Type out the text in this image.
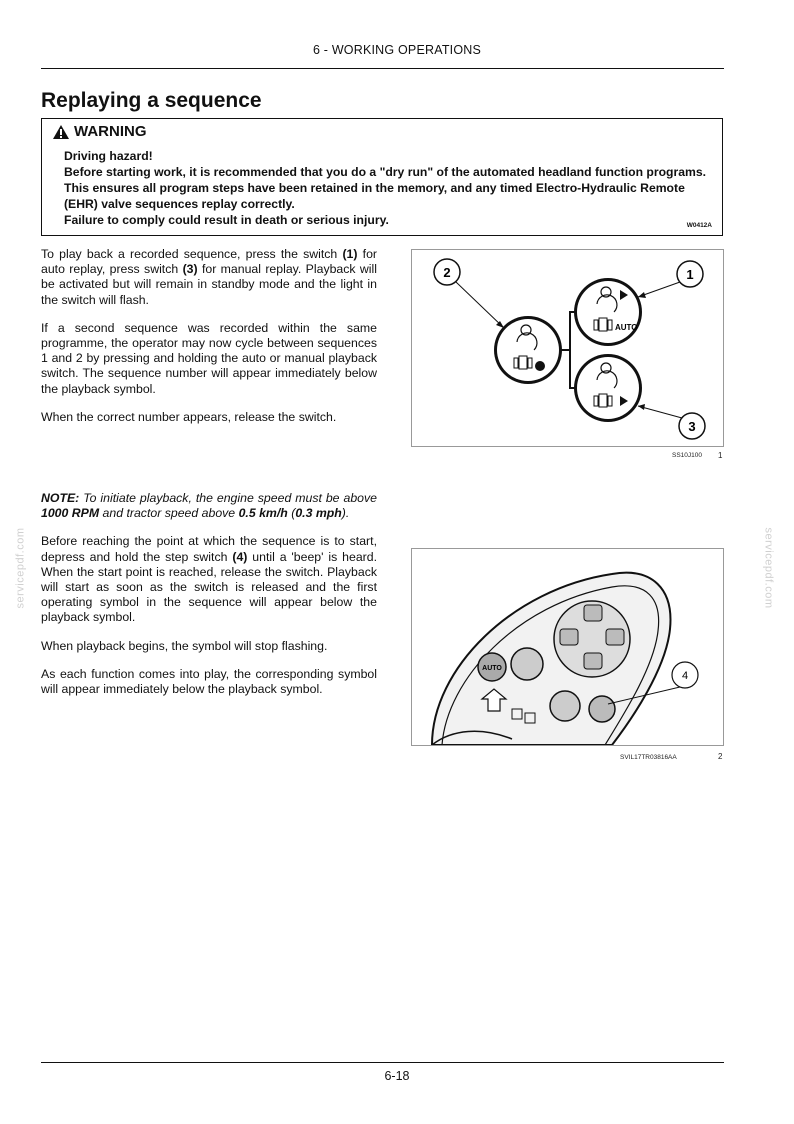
6 - WORKING OPERATIONS
Replaying a sequence
WARNING
Driving hazard!
Before starting work, it is recommended that you do a "dry run" of the automated headland function programs. This ensures all program steps have been retained in the memory, and any timed Electro-Hydraulic Remote (EHR) valve sequences replay correctly.
Failure to comply could result in death or serious injury.	W0412A

To play back a recorded sequence, press the switch (1) for auto replay, press switch (3) for manual replay. Playback will be activated but will remain in standby mode and the light in the switch will flash.

If a second sequence was recorded within the same programme, the operator may now cycle between sequences 1 and 2 by pressing and holding the auto or manual playback switch. The sequence number will appear immediately below the playback symbol.

When the correct number appears, release the switch.

NOTE: To initiate playback, the engine speed must be above 1000 RPM and tractor speed above 0.5 km/h (0.3 mph).

Before reaching the point at which the sequence is to start, depress and hold the step switch (4) until a 'beep' is heard. When the start point is reached, release the switch. Playback will start as soon as the switch is released and the first operating symbol in the sequence will appear below the playback symbol.

When playback begins, the symbol will stop flashing.

As each function comes into play, the corresponding symbol will appear immediately below the playback symbol.

AUTO
2	1
3
SS10J100 1
AUTO
4
SVIL17TR03816AA	2
servicepdf.com	servicepdf.com
6-18
